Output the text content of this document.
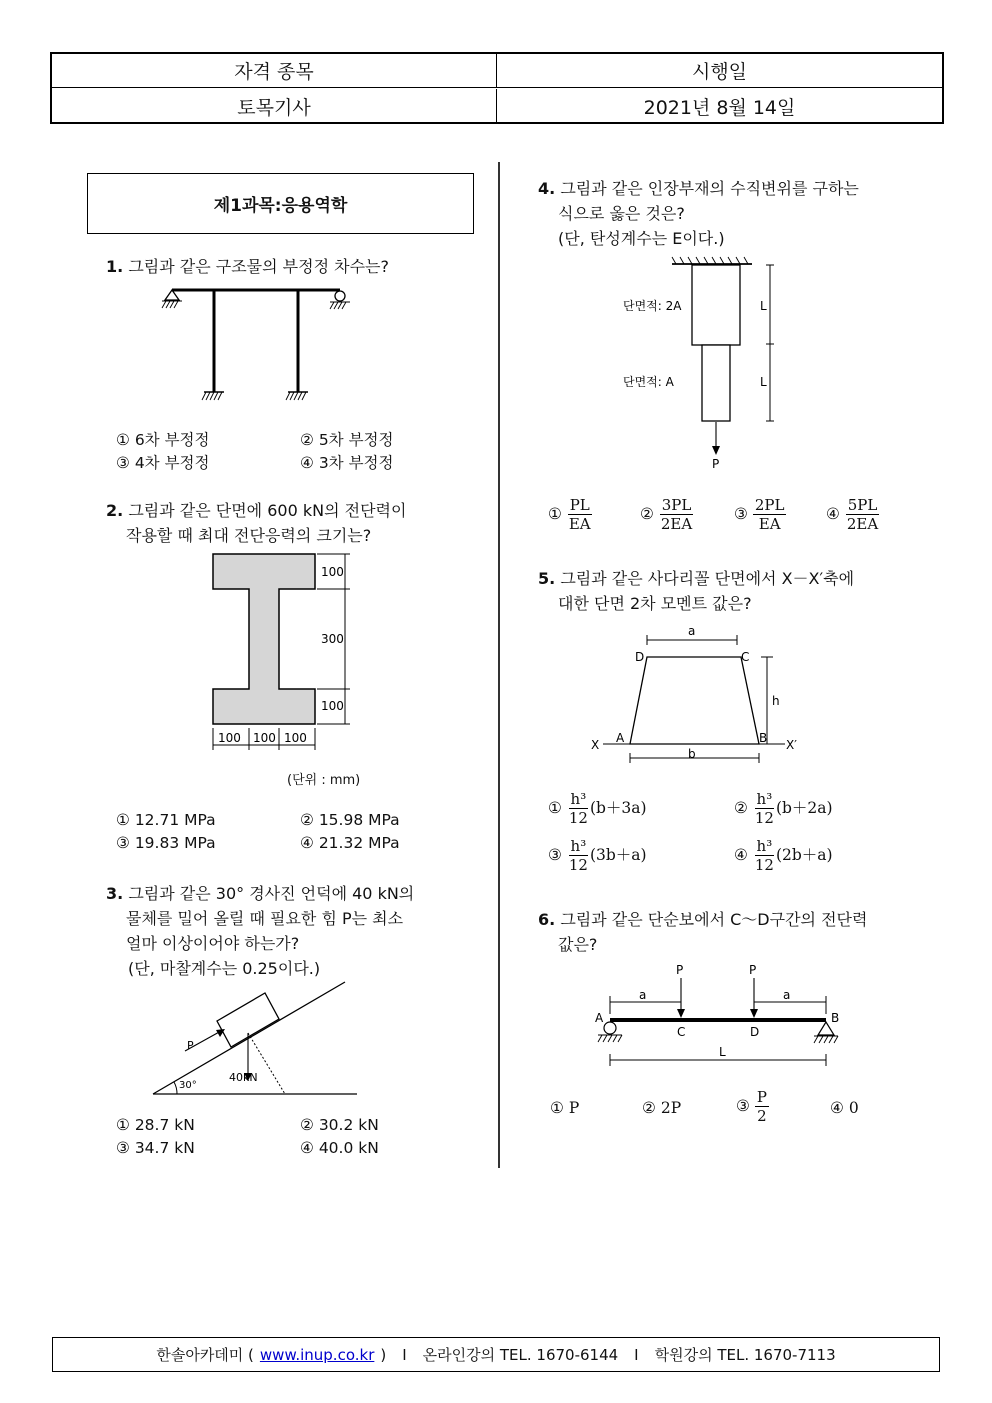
자격 종목	시행일
토목기사	2021년 8월 14일
제1과목:응용역학
1. 그림과 같은 구조물의 부정정 차수는?
① 6차 부정정	② 5차 부정정
③ 4차 부정정	④ 3차 부정정
2. 그림과 같은 단면에 600 kN의 전단력이
작용할 때 최대 전단응력의 크기는?
100
300
100
100 100 100
(단위 : mm)
① 12.71 MPa	② 15.98 MPa
③ 19.83 MPa	④ 21.32 MPa
3. 그림과 같은 30° 경사진 언덕에 40 kN의
물체를 밀어 올릴 때 필요한 힘 P는 최소
얼마 이상이어야 하는가?
(단, 마찰계수는 0.25이다.)
P
40kN
30°
① 28.7 kN	② 30.2 kN
③ 34.7 kN	④ 40.0 kN
4. 그림과 같은 인장부재의 수직변위를 구하는
식으로 옳은 것은?
(단, 탄성계수는 E이다.)
단면적: 2A
단면적: A
L
L
P
① $\frac{PL}{EA}$	② $\frac{3PL}{2EA}$	③ $\frac{2PL}{EA}$	④ $\frac{5PL}{2EA}$
5. 그림과 같은 사다리꼴 단면에서 X－X′축에
대한 단면 2차 모멘트 값은?
a
b
h
A	B
C
D
X	X′
① $\frac{\text{h³}}{12} (b+3a)$	② $\frac{\text{h³}}{12} (b+2a)$
③ $\frac{\text{h³}}{12} (3b+a)$	④ $\frac{\text{h³}}{12} (2b+a)$
6. 그림과 같은 단순보에서 C～D구간의 전단력
값은?
P	P
a	a
A	B
C	D
L
① P	② 2P	③ $\frac{P}{2}$	④ 0
한솔아카데미 ( www.inup.co.kr ) I 온라인강의 TEL. 1670-6144 I 학원강의 TEL. 1670-7113
